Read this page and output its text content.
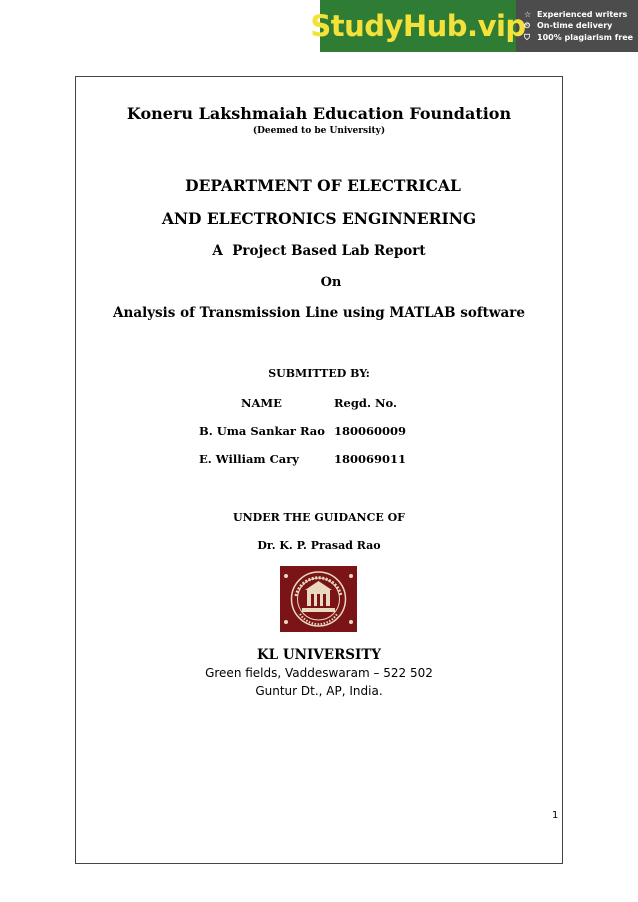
StudyHub.vip
☆ Experienced writers
⏲ On-time delivery
⛉ 100% plagiarism free
Koneru Lakshmaiah Education Foundation
(Deemed to be University)
DEPARTMENT OF ELECTRICAL
AND ELECTRONICS ENGINNERING
A  Project Based Lab Report
On
Analysis of Transmission Line using MATLAB software
SUBMITTED BY:
NAME	Regd. No.
B. Uma Sankar Rao 180060009
E. William Cary	180069011
UNDER THE GUIDANCE OF
Dr. K. P. Prasad Rao
KL UNIVERSITY
Green fields, Vaddeswaram – 522 502
Guntur Dt., AP, India.
1
